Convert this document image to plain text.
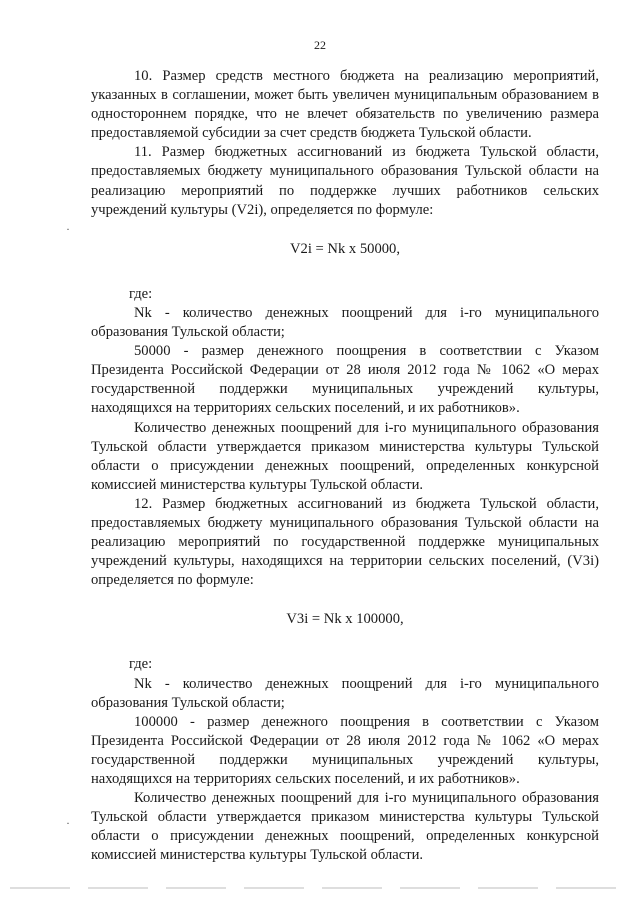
22

10. Размер средств местного бюджета на реализацию мероприятий, указанных в соглашении, может быть увеличен муниципальным образованием в одностороннем порядке, что не влечет обязательств по увеличению размера предоставляемой субсидии за счет средств бюджета Тульской области.

11. Размер бюджетных ассигнований из бюджета Тульской области, предоставляемых бюджету муниципального образования Тульской области на реализацию мероприятий по поддержке лучших работников сельских учреждений культуры (V2i), определяется по формуле:

V2i = Nk x 50000,

где:

Nk - количество денежных поощрений для i-го муниципального образования Тульской области;

50000 - размер денежного поощрения в соответствии с Указом Президента Российской Федерации от 28 июля 2012 года № 1062 «О мерах государственной поддержки муниципальных учреждений культуры, находящихся на территориях сельских поселений, и их работников».

Количество денежных поощрений для i-го муниципального образования Тульской области утверждается приказом министерства культуры Тульской области о присуждении денежных поощрений, определенных конкурсной комиссией министерства культуры Тульской области.

12. Размер бюджетных ассигнований из бюджета Тульской области, предоставляемых бюджету муниципального образования Тульской области на реализацию мероприятий по государственной поддержке муниципальных учреждений культуры, находящихся на территории сельских поселений, (V3i) определяется по формуле:

V3i = Nk x 100000,

где:

Nk - количество денежных поощрений для i-го муниципального образования Тульской области;

100000 - размер денежного поощрения в соответствии с Указом Президента Российской Федерации от 28 июля 2012 года № 1062 «О мерах государственной поддержки муниципальных учреждений культуры, находящихся на территориях сельских поселений, и их работников».

Количество денежных поощрений для i-го муниципального образования Тульской области утверждается приказом министерства культуры Тульской области о присуждении денежных поощрений, определенных конкурсной комиссией министерства культуры Тульской области.

·
·
